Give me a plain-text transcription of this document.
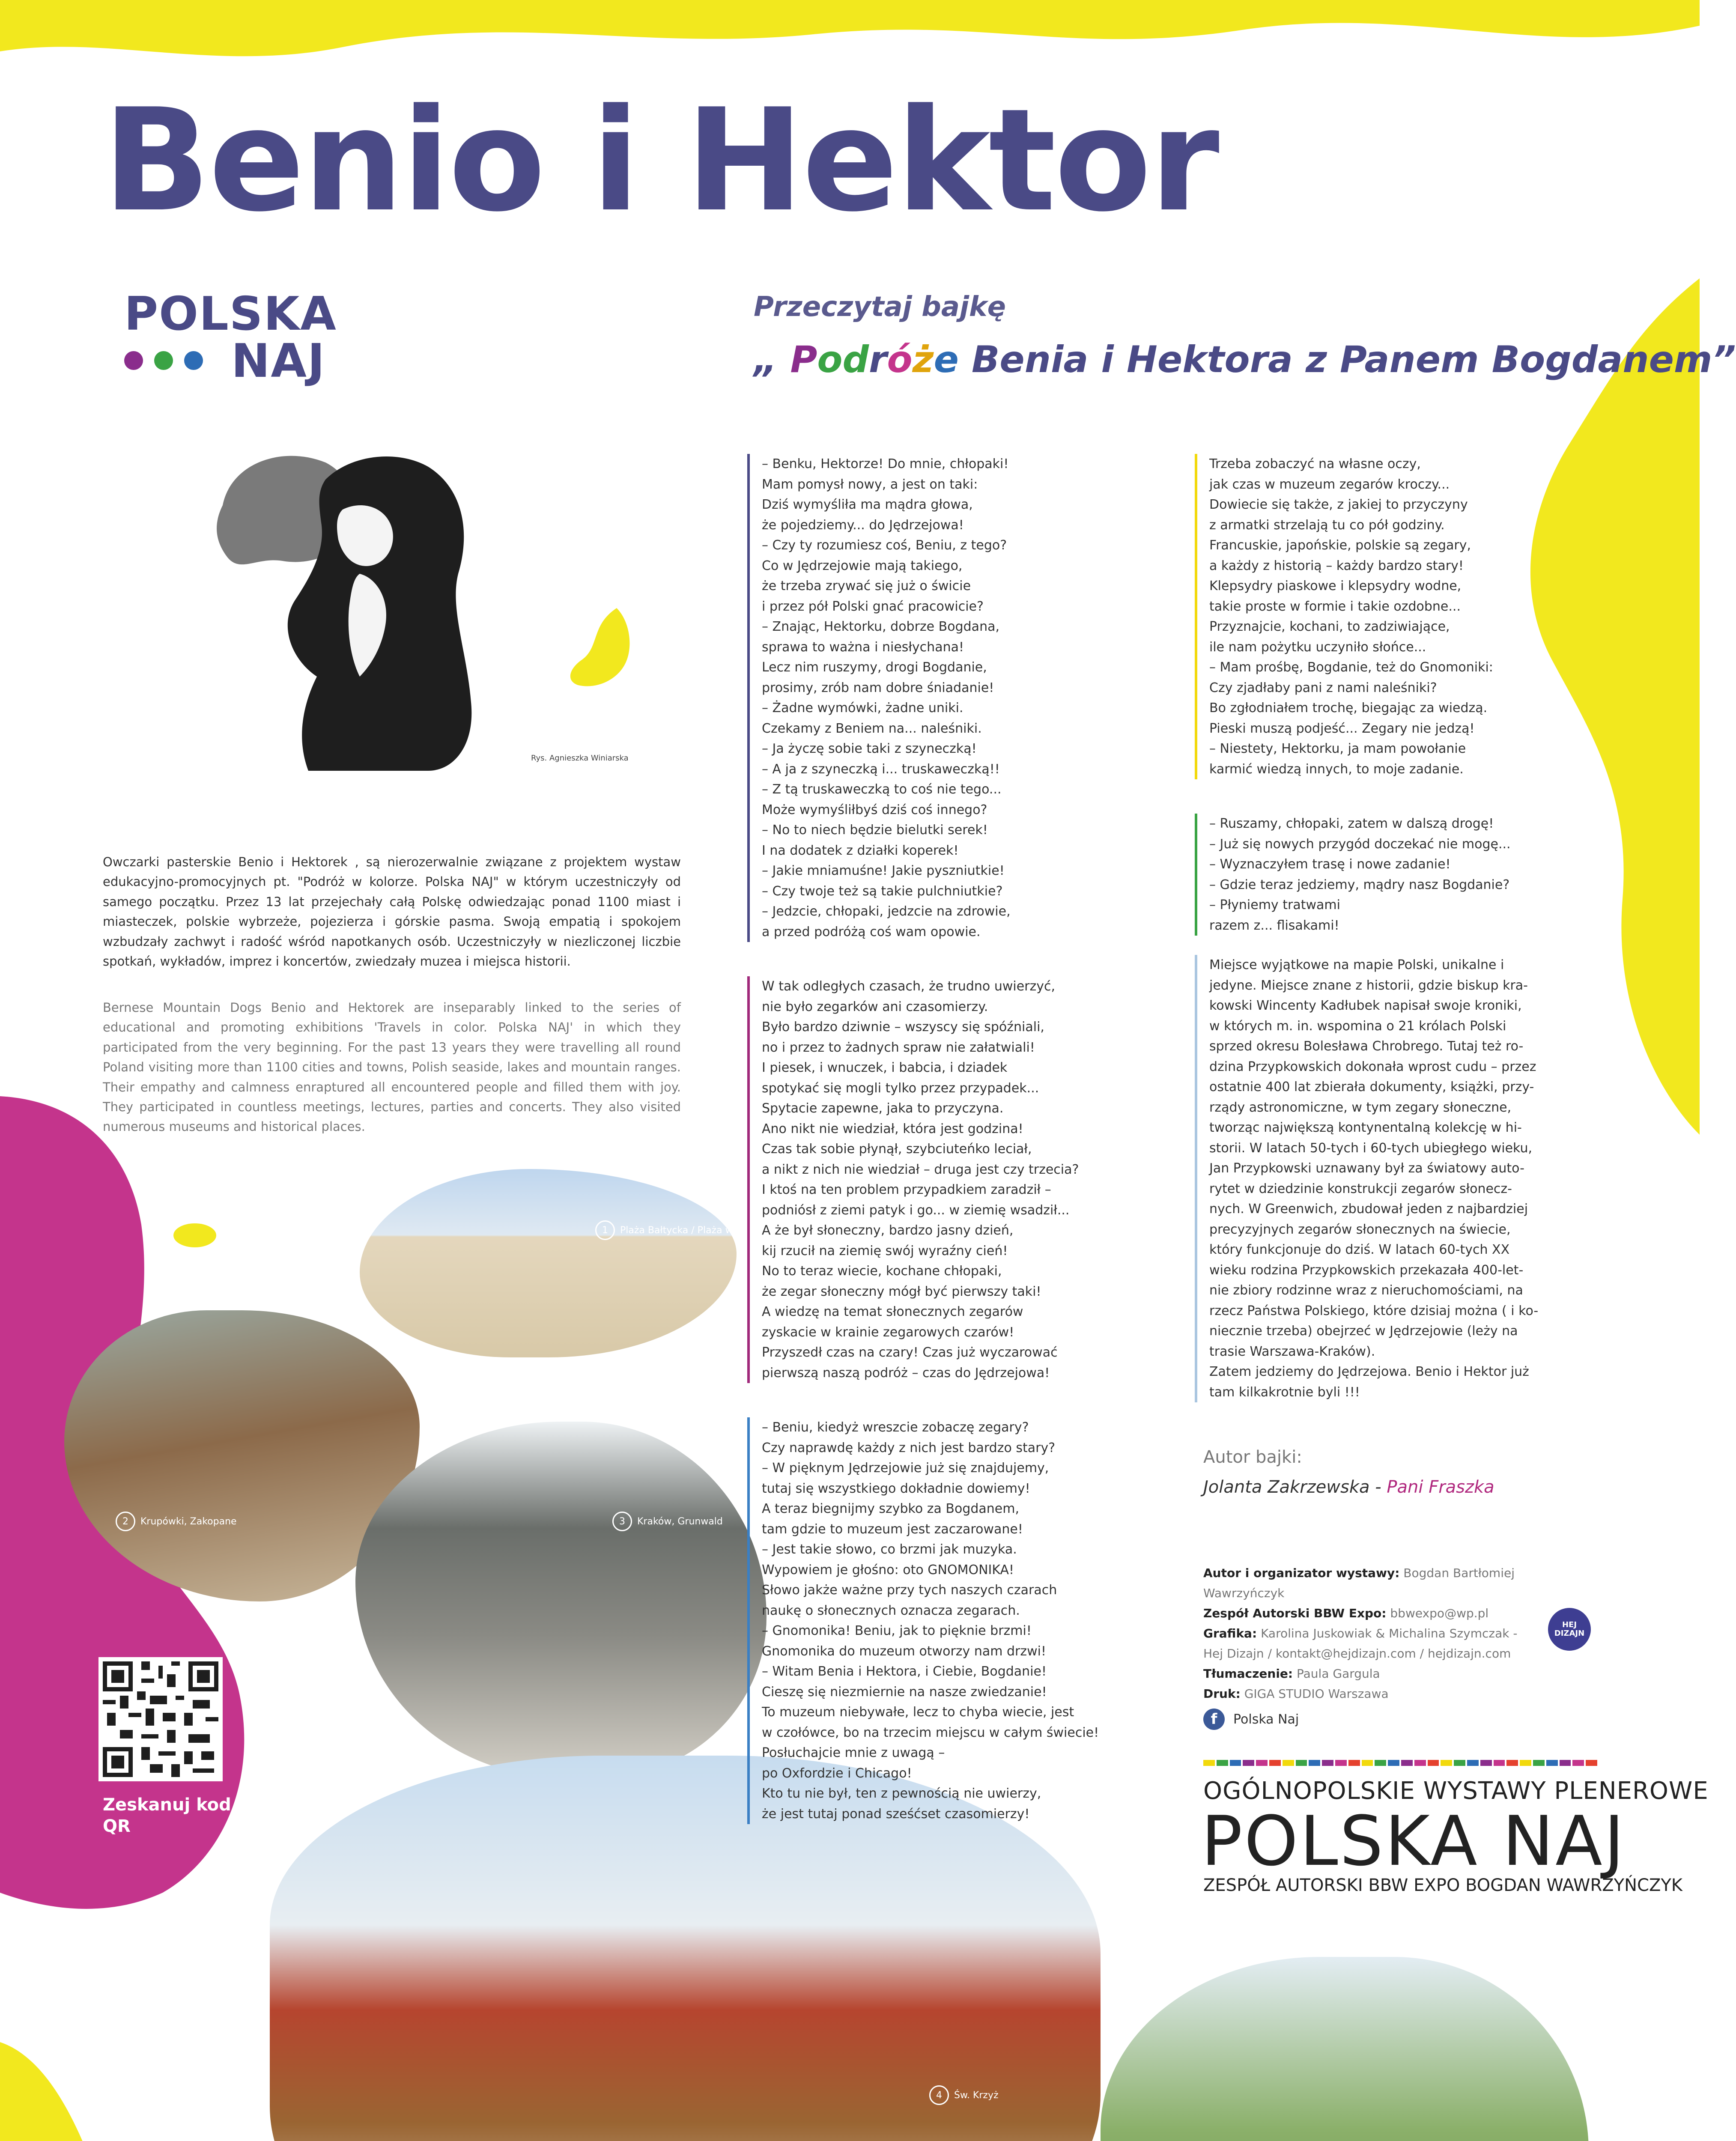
Benio i Hektor
POLSKA
NAJ
Przeczytaj bajkę
„ Podróże Benia i Hektora z Panem Bogdanem”
Rys. Agnieszka Winiarska

Owczarki pasterskie Benio i Hektorek , są nierozerwalnie związane z projektem wystaw edukacyjno-promocyjnych pt. "Podróż w kolorze. Polska NAJ" w którym uczestniczyły od samego początku. Przez 13 lat przejechały całą Polskę odwiedzając ponad 1100 miast i miasteczek, polskie wybrzeże, pojezierza i górskie pasma. Swoją empatią i spokojem wzbudzały zachwyt i radość wśród napotkanych osób. Uczestniczyły w niezliczonej liczbie spotkań, wykładów, imprez i koncertów, zwiedzały muzea i miejsca historii.

Bernese Mountain Dogs Benio and Hektorek are inseparably linked to the series of educational and promoting exhibitions 'Travels in color. Polska NAJ' in which they participated from the very beginning. For the past 13 years they were travelling all round Poland visiting more than 1100 cities and towns, Polish seaside, lakes and mountain ranges. Their empathy and calmness enraptured all encountered people and filled them with joy. They participated in countless meetings, lectures, parties and concerts. They also visited numerous museums and historical places.

1	Plaża Bałtycka / Plaża w Sopocie
2	Krupówki, Zakopane	3	Kraków, Grunwald
4	Św. Krzyż

– Benku, Hektorze! Do mnie, chłopaki!
Mam pomysł nowy, a jest on taki:
Dziś wymyśliła ma mądra głowa,
że pojedziemy... do Jędrzejowa!
– Czy ty rozumiesz coś, Beniu, z tego?
Co w Jędrzejowie mają takiego,
że trzeba zrywać się już o świcie
i przez pół Polski gnać pracowicie?
– Znając, Hektorku, dobrze Bogdana,
sprawa to ważna i niesłychana!
Lecz nim ruszymy, drogi Bogdanie,
prosimy, zrób nam dobre śniadanie!
– Żadne wymówki, żadne uniki.
Czekamy z Beniem na... naleśniki.
– Ja życzę sobie taki z szyneczką!
– A ja z szyneczką i... truskaweczką!!
– Z tą truskaweczką to coś nie tego...
Może wymyśliłbyś dziś coś innego?
– No to niech będzie bielutki serek!
I na dodatek z działki koperek!
– Jakie mniamuśne! Jakie pyszniutkie!
– Czy twoje też są takie pulchniutkie?
– Jedzcie, chłopaki, jedzcie na zdrowie,
a przed podróżą coś wam opowie.

W tak odległych czasach, że trudno uwierzyć,
nie było zegarków ani czasomierzy.
Było bardzo dziwnie – wszyscy się spóźniali,
no i przez to żadnych spraw nie załatwiali!
I piesek, i wnuczek, i babcia, i dziadek
spotykać się mogli tylko przez przypadek...
Spytacie zapewne, jaka to przyczyna.
Ano nikt nie wiedział, która jest godzina!
Czas tak sobie płynął, szybciuteńko leciał,
a nikt z nich nie wiedział – druga jest czy trzecia?
I ktoś na ten problem przypadkiem zaradził –
podniósł z ziemi patyk i go... w ziemię wsadził...
A że był słoneczny, bardzo jasny dzień,
kij rzucił na ziemię swój wyraźny cień!
No to teraz wiecie, kochane chłopaki,
że zegar słoneczny mógł być pierwszy taki!
A wiedzę na temat słonecznych zegarów
zyskacie w krainie zegarowych czarów!
Przyszedł czas na czary! Czas już wyczarować
pierwszą naszą podróż – czas do Jędrzejowa!

– Beniu, kiedyż wreszcie zobaczę zegary?
Czy naprawdę każdy z nich jest bardzo stary?
– W pięknym Jędrzejowie już się znajdujemy,
tutaj się wszystkiego dokładnie dowiemy!
A teraz biegnijmy szybko za Bogdanem,
tam gdzie to muzeum jest zaczarowane!
– Jest takie słowo, co brzmi jak muzyka.
Wypowiem je głośno: oto GNOMONIKA!
Słowo jakże ważne przy tych naszych czarach
naukę o słonecznych oznacza zegarach.
– Gnomonika! Beniu, jak to pięknie brzmi!
Gnomonika do muzeum otworzy nam drzwi!
– Witam Benia i Hektora, i Ciebie, Bogdanie!
Cieszę się niezmiernie na nasze zwiedzanie!
To muzeum niebywałe, lecz to chyba wiecie, jest
w czołówce, bo na trzecim miejscu w całym świecie!
Posłuchajcie mnie z uwagą –
po Oxfordzie i Chicago!
Kto tu nie był, ten z pewnością nie uwierzy,
że jest tutaj ponad sześćset czasomierzy!

Trzeba zobaczyć na własne oczy,
jak czas w muzeum zegarów kroczy...
Dowiecie się także, z jakiej to przyczyny
z armatki strzelają tu co pół godziny.
Francuskie, japońskie, polskie są zegary,
a każdy z historią – każdy bardzo stary!
Klepsydry piaskowe i klepsydry wodne,
takie proste w formie i takie ozdobne...
Przyznajcie, kochani, to zadziwiające,
ile nam pożytku uczyniło słońce...
– Mam prośbę, Bogdanie, też do Gnomoniki:
Czy zjadłaby pani z nami naleśniki?
Bo zgłodniałem trochę, biegając za wiedzą.
Pieski muszą podjeść... Zegary nie jedzą!
– Niestety, Hektorku, ja mam powołanie
karmić wiedzą innych, to moje zadanie.

– Ruszamy, chłopaki, zatem w dalszą drogę!
– Już się nowych przygód doczekać nie mogę...
– Wyznaczyłem trasę i nowe zadanie!
– Gdzie teraz jedziemy, mądry nasz Bogdanie?
– Płyniemy tratwami
razem z... flisakami!

Miejsce wyjątkowe na mapie Polski, unikalne i
jedyne. Miejsce znane z historii, gdzie biskup kra-
kowski Wincenty Kadłubek napisał swoje kroniki,
w których m. in. wspomina o 21 królach Polski
sprzed okresu Bolesława Chrobrego. Tutaj też ro-
dzina Przypkowskich dokonała wprost cudu – przez
ostatnie 400 lat zbierała dokumenty, książki, przy-
rządy astronomiczne, w tym zegary słoneczne,
tworząc największą kontynentalną kolekcję w hi-
storii. W latach 50-tych i 60-tych ubiegłego wieku,
Jan Przypkowski uznawany był za światowy auto-
rytet w dziedzinie konstrukcji zegarów słonecz-
nych. W Greenwich, zbudował jeden z najbardziej
precyzyjnych zegarów słonecznych na świecie,
który funkcjonuje do dziś. W latach 60-tych XX
wieku rodzina Przypkowskich przekazała 400-let-
nie zbiory rodzinne wraz z nieruchomościami, na
rzecz Państwa Polskiego, które dzisiaj można ( i ko-
niecznie trzeba) obejrzeć w Jędrzejowie (leży na
trasie Warszawa-Kraków).
Zatem jedziemy do Jędrzejowa. Benio i Hektor już
tam kilkakrotnie byli !!!

Autor bajki:
Jolanta Zakrzewska - Pani Fraszka
Autor i organizator wystawy: Bogdan Bartłomiej Wawrzyńczyk
Zespół Autorski BBW Expo: bbwexpo@wp.pl
Grafika: Karolina Juskowiak & Michalina Szymczak -
Hej Dizajn / kontakt@hejdizajn.com / hejdizajn.com
Tłumaczenie: Paula Gargula
Druk: GIGA STUDIO Warszawa
HEJ
DIZAJN
f	Polska Naj
OGÓLNOPOLSKIE WYSTAWY PLENEROWE
POLSKA NAJ
ZESPÓŁ AUTORSKI BBW EXPO BOGDAN WAWRZYŃCZYK
Zeskanuj kod QR
polskanaj.pl
